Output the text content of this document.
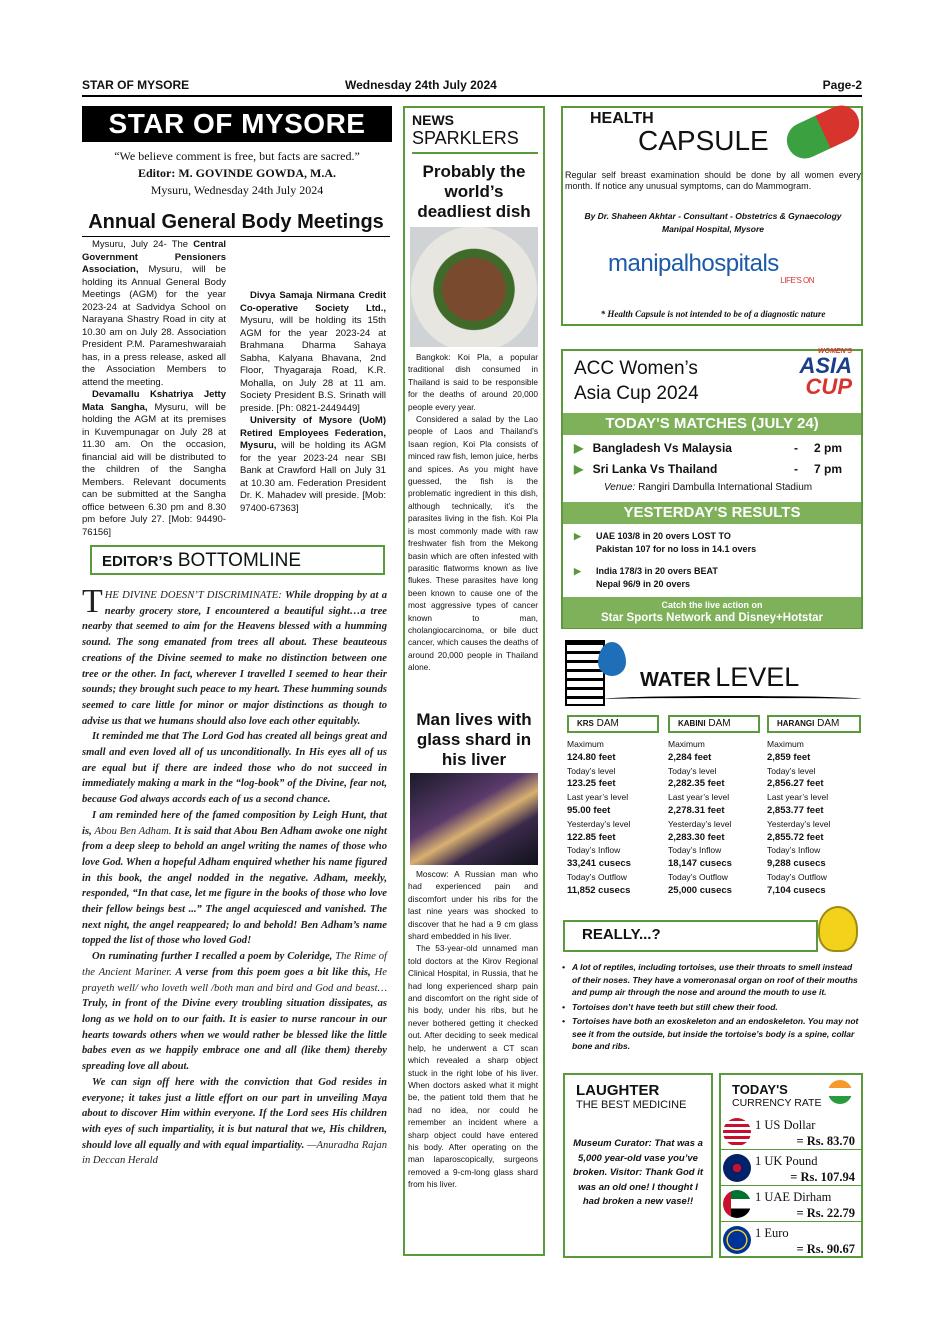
STAR OF MYSORE	Wednesday 24th July 2024	Page-2
STAR OF MYSORE
“We believe comment is free, but facts are sacred.”
Editor: M. GOVINDE GOWDA, M.A.
Mysuru, Wednesday 24th July 2024
Annual General Body Meetings

Mysuru, July 24- The Central Government Pensioners Association, Mysuru, will be holding its Annual General Body Meetings (AGM) for the year 2023-24 at Sadvidya School on Narayana Shastry Road in city at 10.30 am on July 28. Association President P.M. Parameshwaraiah has, in a press release, asked all the Association Members to attend the meeting.

Devamallu Kshatriya Jetty Mata Sangha, Mysuru, will be holding the AGM at its premises in Kuvempunagar on July 28 at 11.30 am. On the occasion, financial aid will be distributed to the children of the Sangha Members. Relevant documents can be submitted at the Sangha office between 6.30 pm and 8.30 pm before July 27. [Mob: 94490-76156]

Divya Samaja Nirmana Credit Co-operative Society Ltd., Mysuru, will be holding its 15th AGM for the year 2023-24 at Brahmana Dharma Sahaya Sabha, Kalyana Bhavana, 2nd Floor, Thyagaraja Road, K.R. Mohalla, on July 28 at 11 am. Society President B.S. Srinath will preside. [Ph: 0821-2449449]

University of Mysore (UoM) Retired Employees Federation, Mysuru, will be holding its AGM for the year 2023-24 near SBI Bank at Crawford Hall on July 31 at 10.30 am. Federation President Dr. K. Mahadev will preside. [Mob: 97400-67363]

EDITOR’S BOTTOMLINE

THE DIVINE DOESN’T DISCRIMINATE: While dropping by at a nearby grocery store, I encountered a beautiful sight…a tree nearby that seemed to aim for the Heavens blessed with a humming sound. The song emanated from trees all about. These beauteous creations of the Divine seemed to make no distinction between one tree or the other. In fact, wherever I travelled I seemed to hear their sounds; they brought such peace to my heart. These humming sounds seemed to care little for minor or major distinctions as though to advise us that we humans should also love each other equitably.

It reminded me that The Lord God has created all beings great and small and even loved all of us unconditionally. In His eyes all of us are equal but if there are indeed those who do not succeed in immediately making a mark in the “log-book” of the Divine, fear not, because God always accords each of us a second chance.

I am reminded here of the famed composition by Leigh Hunt, that is, Abou Ben Adham. It is said that Abou Ben Adham awoke one night from a deep sleep to behold an angel writing the names of those who love God. When a hopeful Adham enquired whether his name figured in this book, the angel nodded in the negative. Adham, meekly, responded, “In that case, let me figure in the books of those who love their fellow beings best ...” The angel acquiesced and vanished. The next night, the angel reappeared; lo and behold! Ben Adham’s name topped the list of those who loved God!

On ruminating further I recalled a poem by Coleridge, The Rime of the Ancient Mariner. A verse from this poem goes a bit like this, He prayeth well/ who loveth well /both man and bird and God and beast… Truly, in front of the Divine every troubling situation dissipates, as long as we hold on to our faith. It is easier to nurse rancour in our hearts towards others when we would rather be blessed like the little babes even as we happily embrace one and all (like them) thereby spreading love all about.

We can sign off here with the conviction that God resides in everyone; it takes just a little effort on our part in unveiling Maya about to discover Him within everyone. If the Lord sees His children with eyes of such impartiality, it is but natural that we, His children, should love all equally and with equal impartiality. —Anuradha Rajan in Deccan Herald

NEWS
SPARKLERS
Probably the world’s deadliest dish

Bangkok: Koi Pla, a popular traditional dish consumed in Thailand is said to be responsible for the deaths of around 20,000 people every year.

Considered a salad by the Lao people of Laos and Thailand’s Isaan region, Koi Pla consists of minced raw fish, lemon juice, herbs and spices. As you might have guessed, the fish is the problematic ingredient in this dish, although technically, it’s the parasites living in the fish. Koi Pla is most commonly made with raw freshwater fish from the Mekong basin which are often infested with parasitic flatworms known as live flukes. These parasites have long been known to cause one of the most aggressive types of cancer known to man, cholangiocarcinoma, or bile duct cancer, which causes the deaths of around 20,000 people in Thailand alone.

Man lives with glass shard in his liver

Moscow: A Russian man who had experienced pain and discomfort under his ribs for the last nine years was shocked to discover that he had a 9 cm glass shard embedded in his liver.

The 53-year-old unnamed man told doctors at the Kirov Regional Clinical Hospital, in Russia, that he had long experienced sharp pain and discomfort on the right side of his body, under his ribs, but he never bothered getting it checked out. After deciding to seek medical help, he underwent a CT scan which revealed a sharp object stuck in the right lobe of his liver. When doctors asked what it might be, the patient told them that he had no idea, nor could he remember an incident where a sharp object could have entered his body. After operating on the man laparoscopically, surgeons removed a 9-cm-long glass shard from his liver.

HEALTH
CAPSULE
Regular self breast examination should be done by all women every month. If notice any unusual symptoms, can do Mammogram.
By Dr. Shaheen Akhtar - Consultant - Obstetrics & Gynaecology
Manipal Hospital, Mysore
manipalhospitals
LIFE’S ON
* Health Capsule is not intended to be of a diagnostic nature
ACC Women’s
Asia Cup 2024
WOMEN'S
ASIA
CUP
TODAY'S MATCHES (JULY 24)
▶ Bangladesh Vs Malaysia	- 2 pm
▶ Sri Lanka Vs Thailand	- 7 pm
Venue: Rangiri Dambulla International Stadium
YESTERDAY'S RESULTS
▶ UAE 103/8 in 20 overs LOST TO
Pakistan 107 for no loss in 14.1 overs
▶ India 178/3 in 20 overs BEAT
Nepal 96/9 in 20 overs
Catch the live action on
Star Sports Network and Disney+Hotstar
WATER LEVEL
KRS DAM
Maximum
124.80 feet
Today’s level
123.25 feet
Last year’s level
95.00 feet
Yesterday’s level
122.85 feet
Today’s Inflow
33,241 cusecs
Today’s Outflow
11,852 cusecs
KABINI DAM
Maximum
2,284 feet
Today’s level
2,282.35 feet
Last year’s level
2,278.31 feet
Yesterday’s level
2,283.30 feet
Today’s Inflow
18,147 cusecs
Today’s Outflow
25,000 cusecs
HARANGI DAM
Maximum
2,859 feet
Today’s level
2,856.27 feet
Last year’s level
2,853.77 feet
Yesterday’s level
2,855.72 feet
Today’s Inflow
9,288 cusecs
Today’s Outflow
7,104 cusecs
REALLY...?
• A lot of reptiles, including tortoises, use their throats to smell instead of their noses. They have a vomeronasal organ on roof of their mouths and pump air through the nose and around the mouth to use it.
• Tortoises don’t have teeth but still chew their food.
• Tortoises have both an exoskeleton and an endoskeleton. You may not see it from the outside, but inside the tortoise’s body is a spine, collar bone and ribs.
LAUGHTER
THE BEST MEDICINE
Museum Curator: That was a 5,000 year-old vase you’ve broken. Visitor: Thank God it was an old one! I thought I had broken a new vase!!
TODAY'S
CURRENCY RATE
1 US Dollar
= Rs. 83.70
1 UK Pound
= Rs. 107.94
1 UAE Dirham
= Rs. 22.79
1 Euro
= Rs. 90.67
